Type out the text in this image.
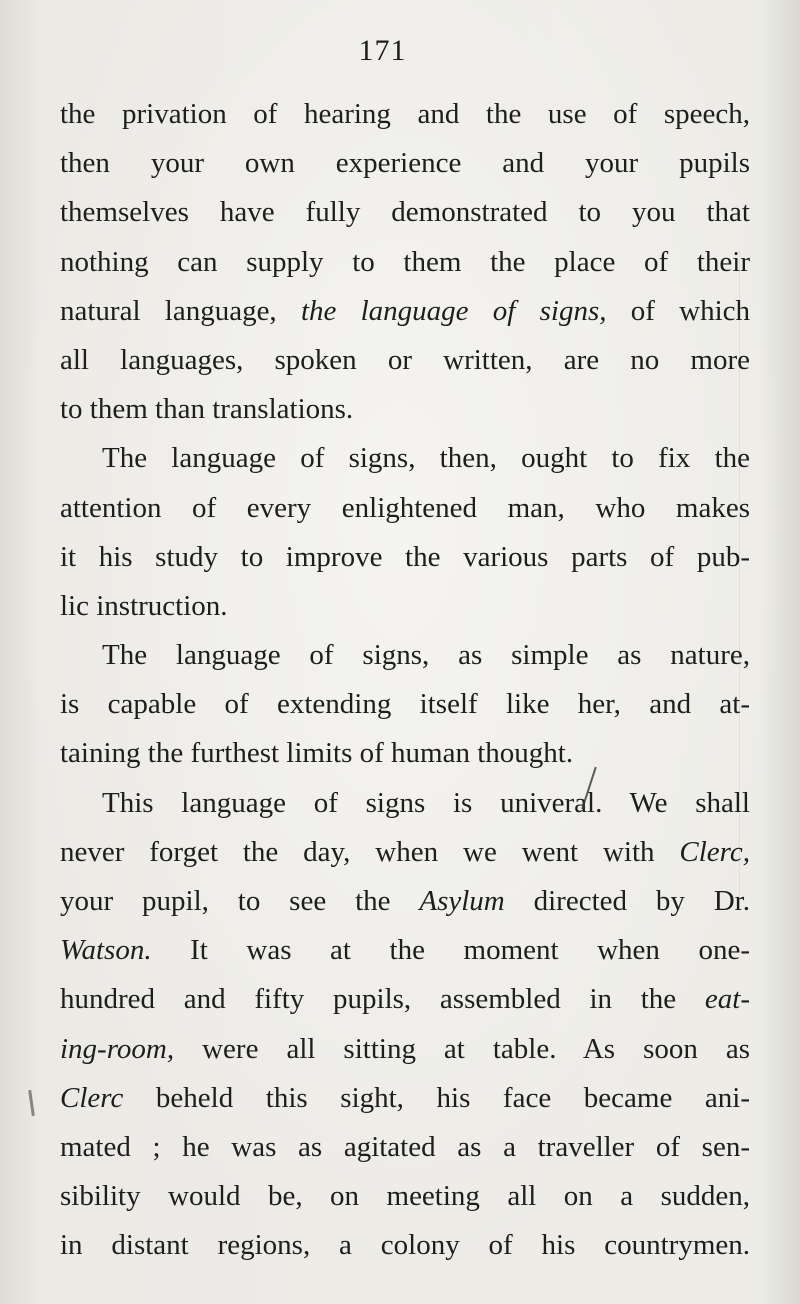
171
the privation of hearing and the use of speech,
then your own experience and your pupils
themselves have fully demonstrated to you that
nothing can supply to them the place of their
natural language, the language of signs, of which
all languages, spoken or written, are no more
to them than translations.
The language of signs, then, ought to fix the
attention of every enlightened man, who makes
it his study to improve the various parts of pub-
lic instruction.
The language of signs, as simple as nature,
is capable of extending itself like her, and at-
taining the furthest limits of human thought.
This language of signs is univeral. We shall
never forget the day, when we went with Clerc,
your pupil, to see the Asylum directed by Dr.
Watson. It was at the moment when one-
hundred and fifty pupils, assembled in the eat-
ing-room, were all sitting at table. As soon as
Clerc beheld this sight, his face became ani-
mated ; he was as agitated as a traveller of sen-
sibility would be, on meeting all on a sudden,
in distant regions, a colony of his countrymen.
